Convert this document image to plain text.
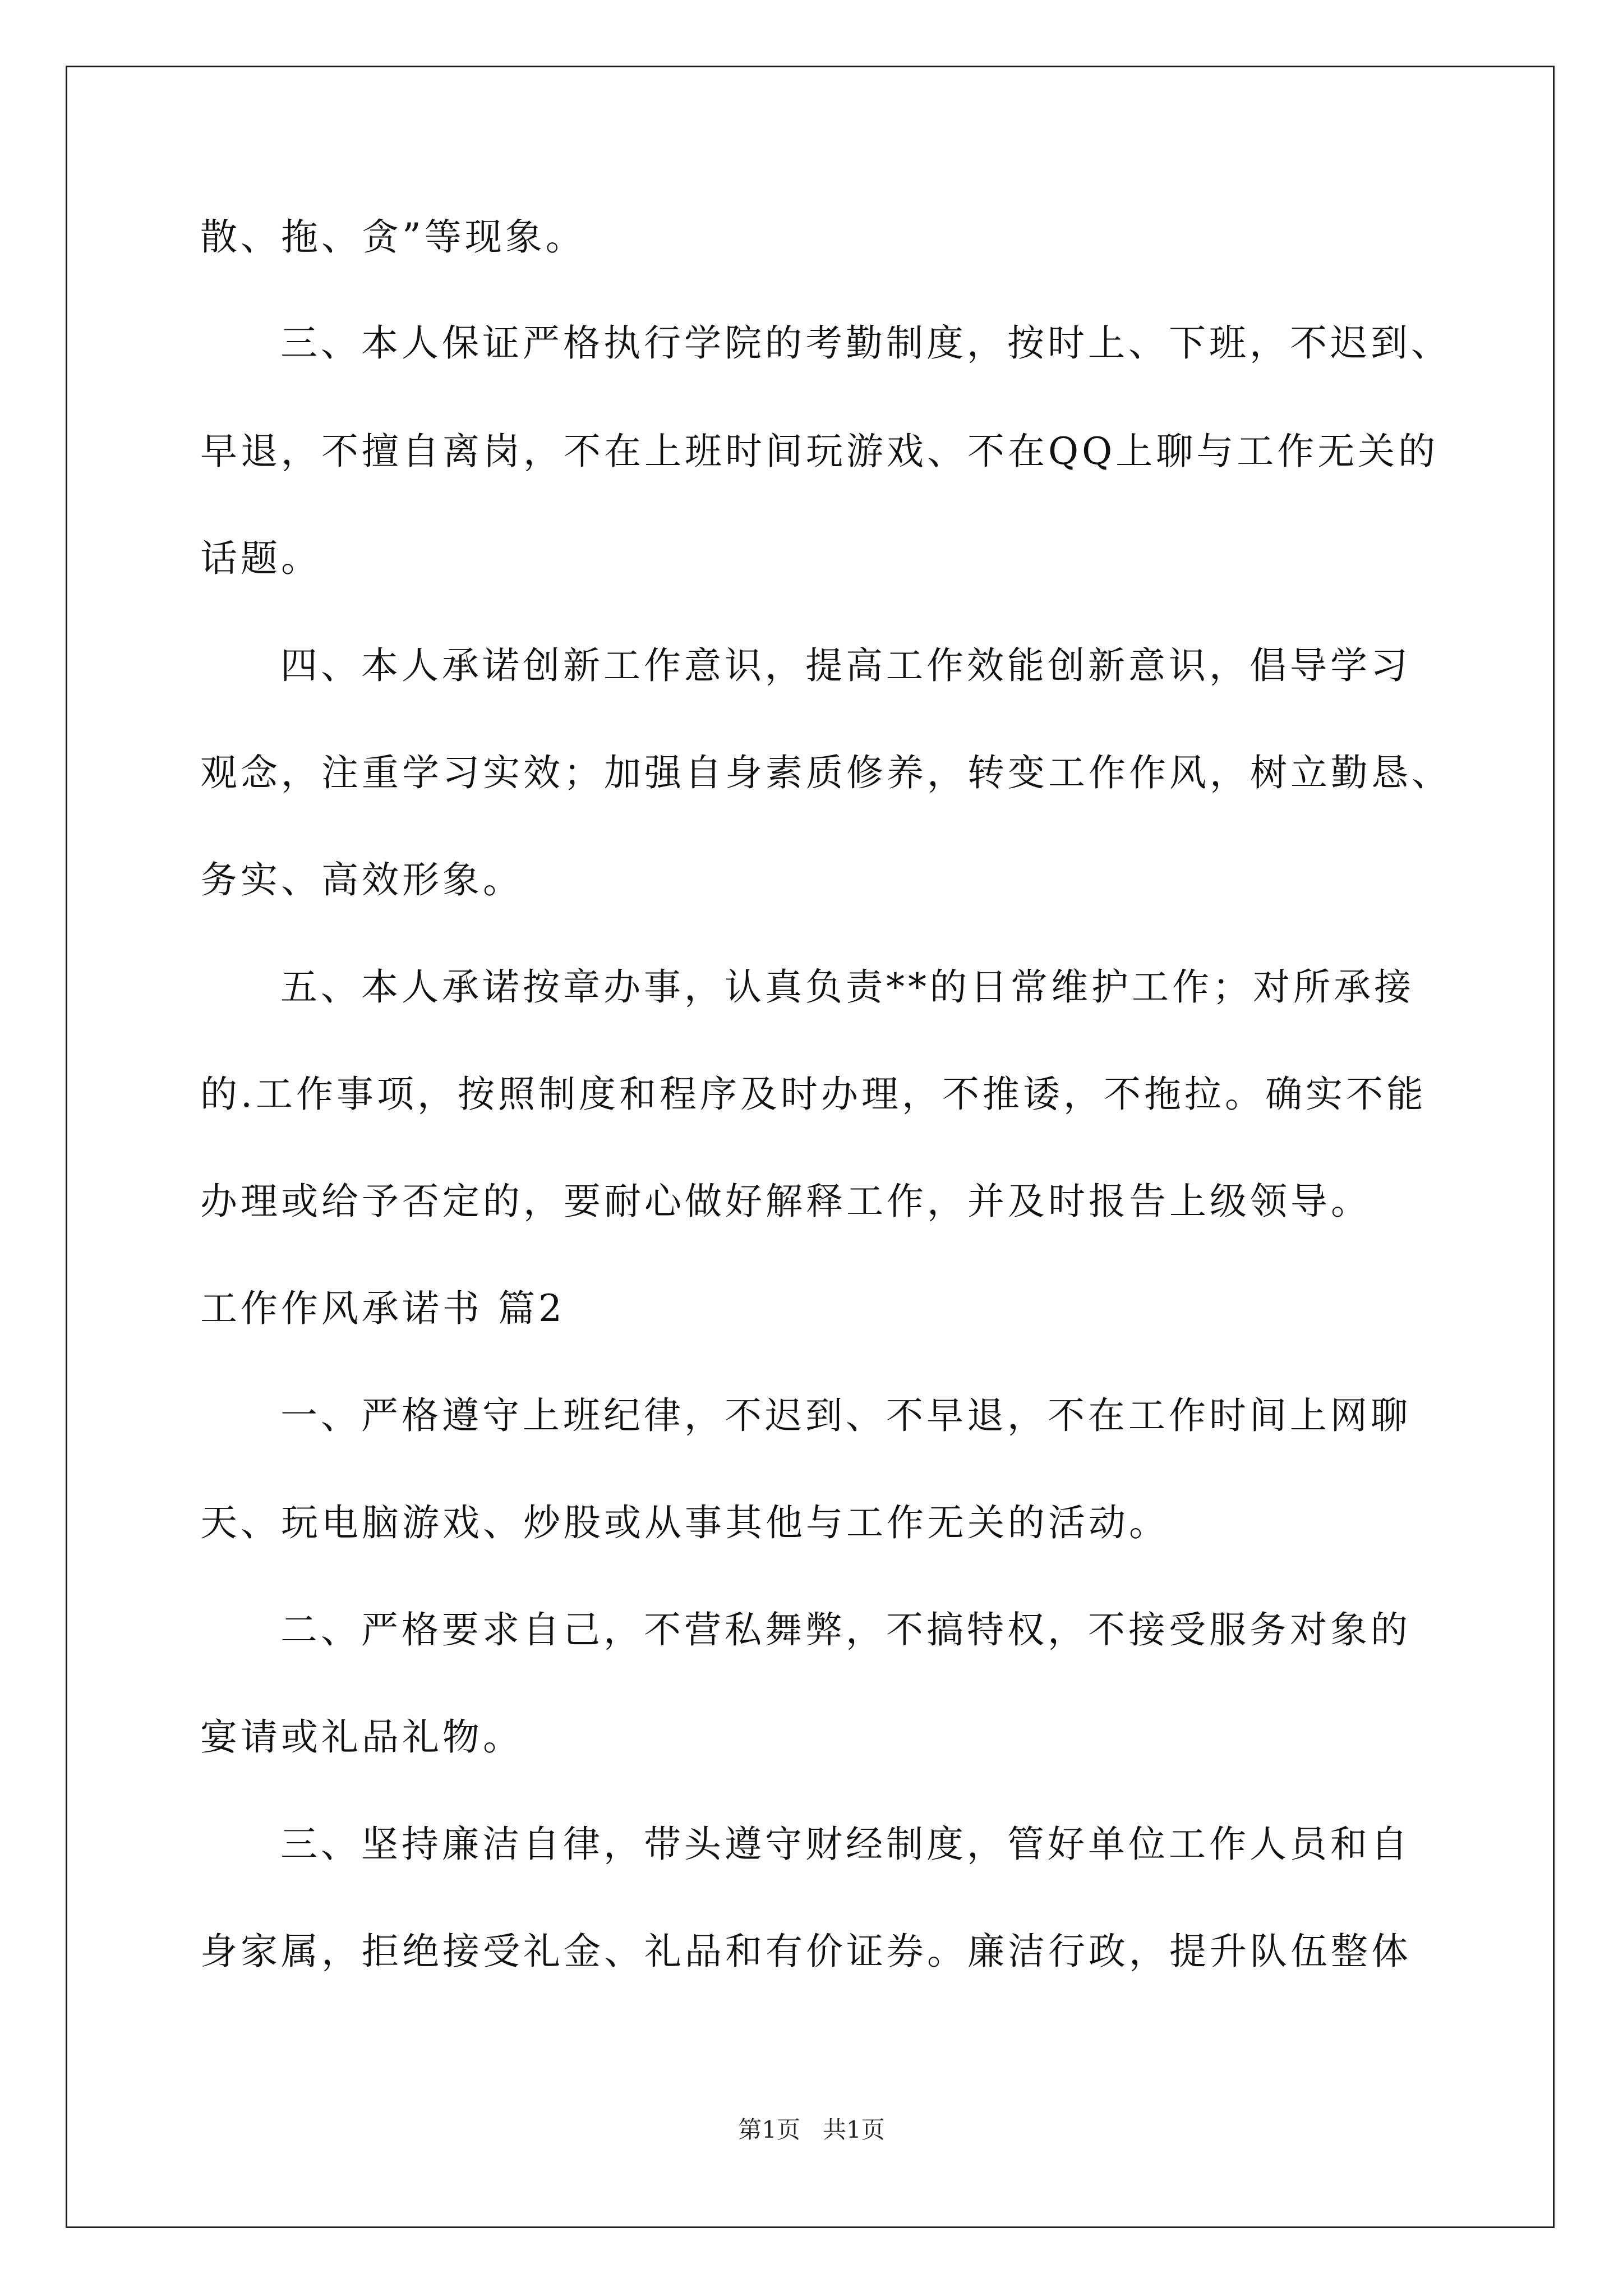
散、拖、贪”等现象。
三、本人保证严格执行学院的考勤制度，按时上、下班，不迟到、
早退，不擅自离岗，不在上班时间玩游戏、不在QQ上聊与工作无关的
话题。
四、本人承诺创新工作意识，提高工作效能创新意识，倡导学习
观念，注重学习实效；加强自身素质修养，转变工作作风，树立勤恳、
务实、高效形象。
五、本人承诺按章办事，认真负责**的日常维护工作；对所承接
的.工作事项，按照制度和程序及时办理，不推诿，不拖拉。确实不能
办理或给予否定的，要耐心做好解释工作，并及时报告上级领导。
工作作风承诺书 篇2
一、严格遵守上班纪律，不迟到、不早退，不在工作时间上网聊
天、玩电脑游戏、炒股或从事其他与工作无关的活动。
二、严格要求自己，不营私舞弊，不搞特权，不接受服务对象的
宴请或礼品礼物。
三、坚持廉洁自律，带头遵守财经制度，管好单位工作人员和自
身家属，拒绝接受礼金、礼品和有价证券。廉洁行政，提升队伍整体
第1页   共1页
